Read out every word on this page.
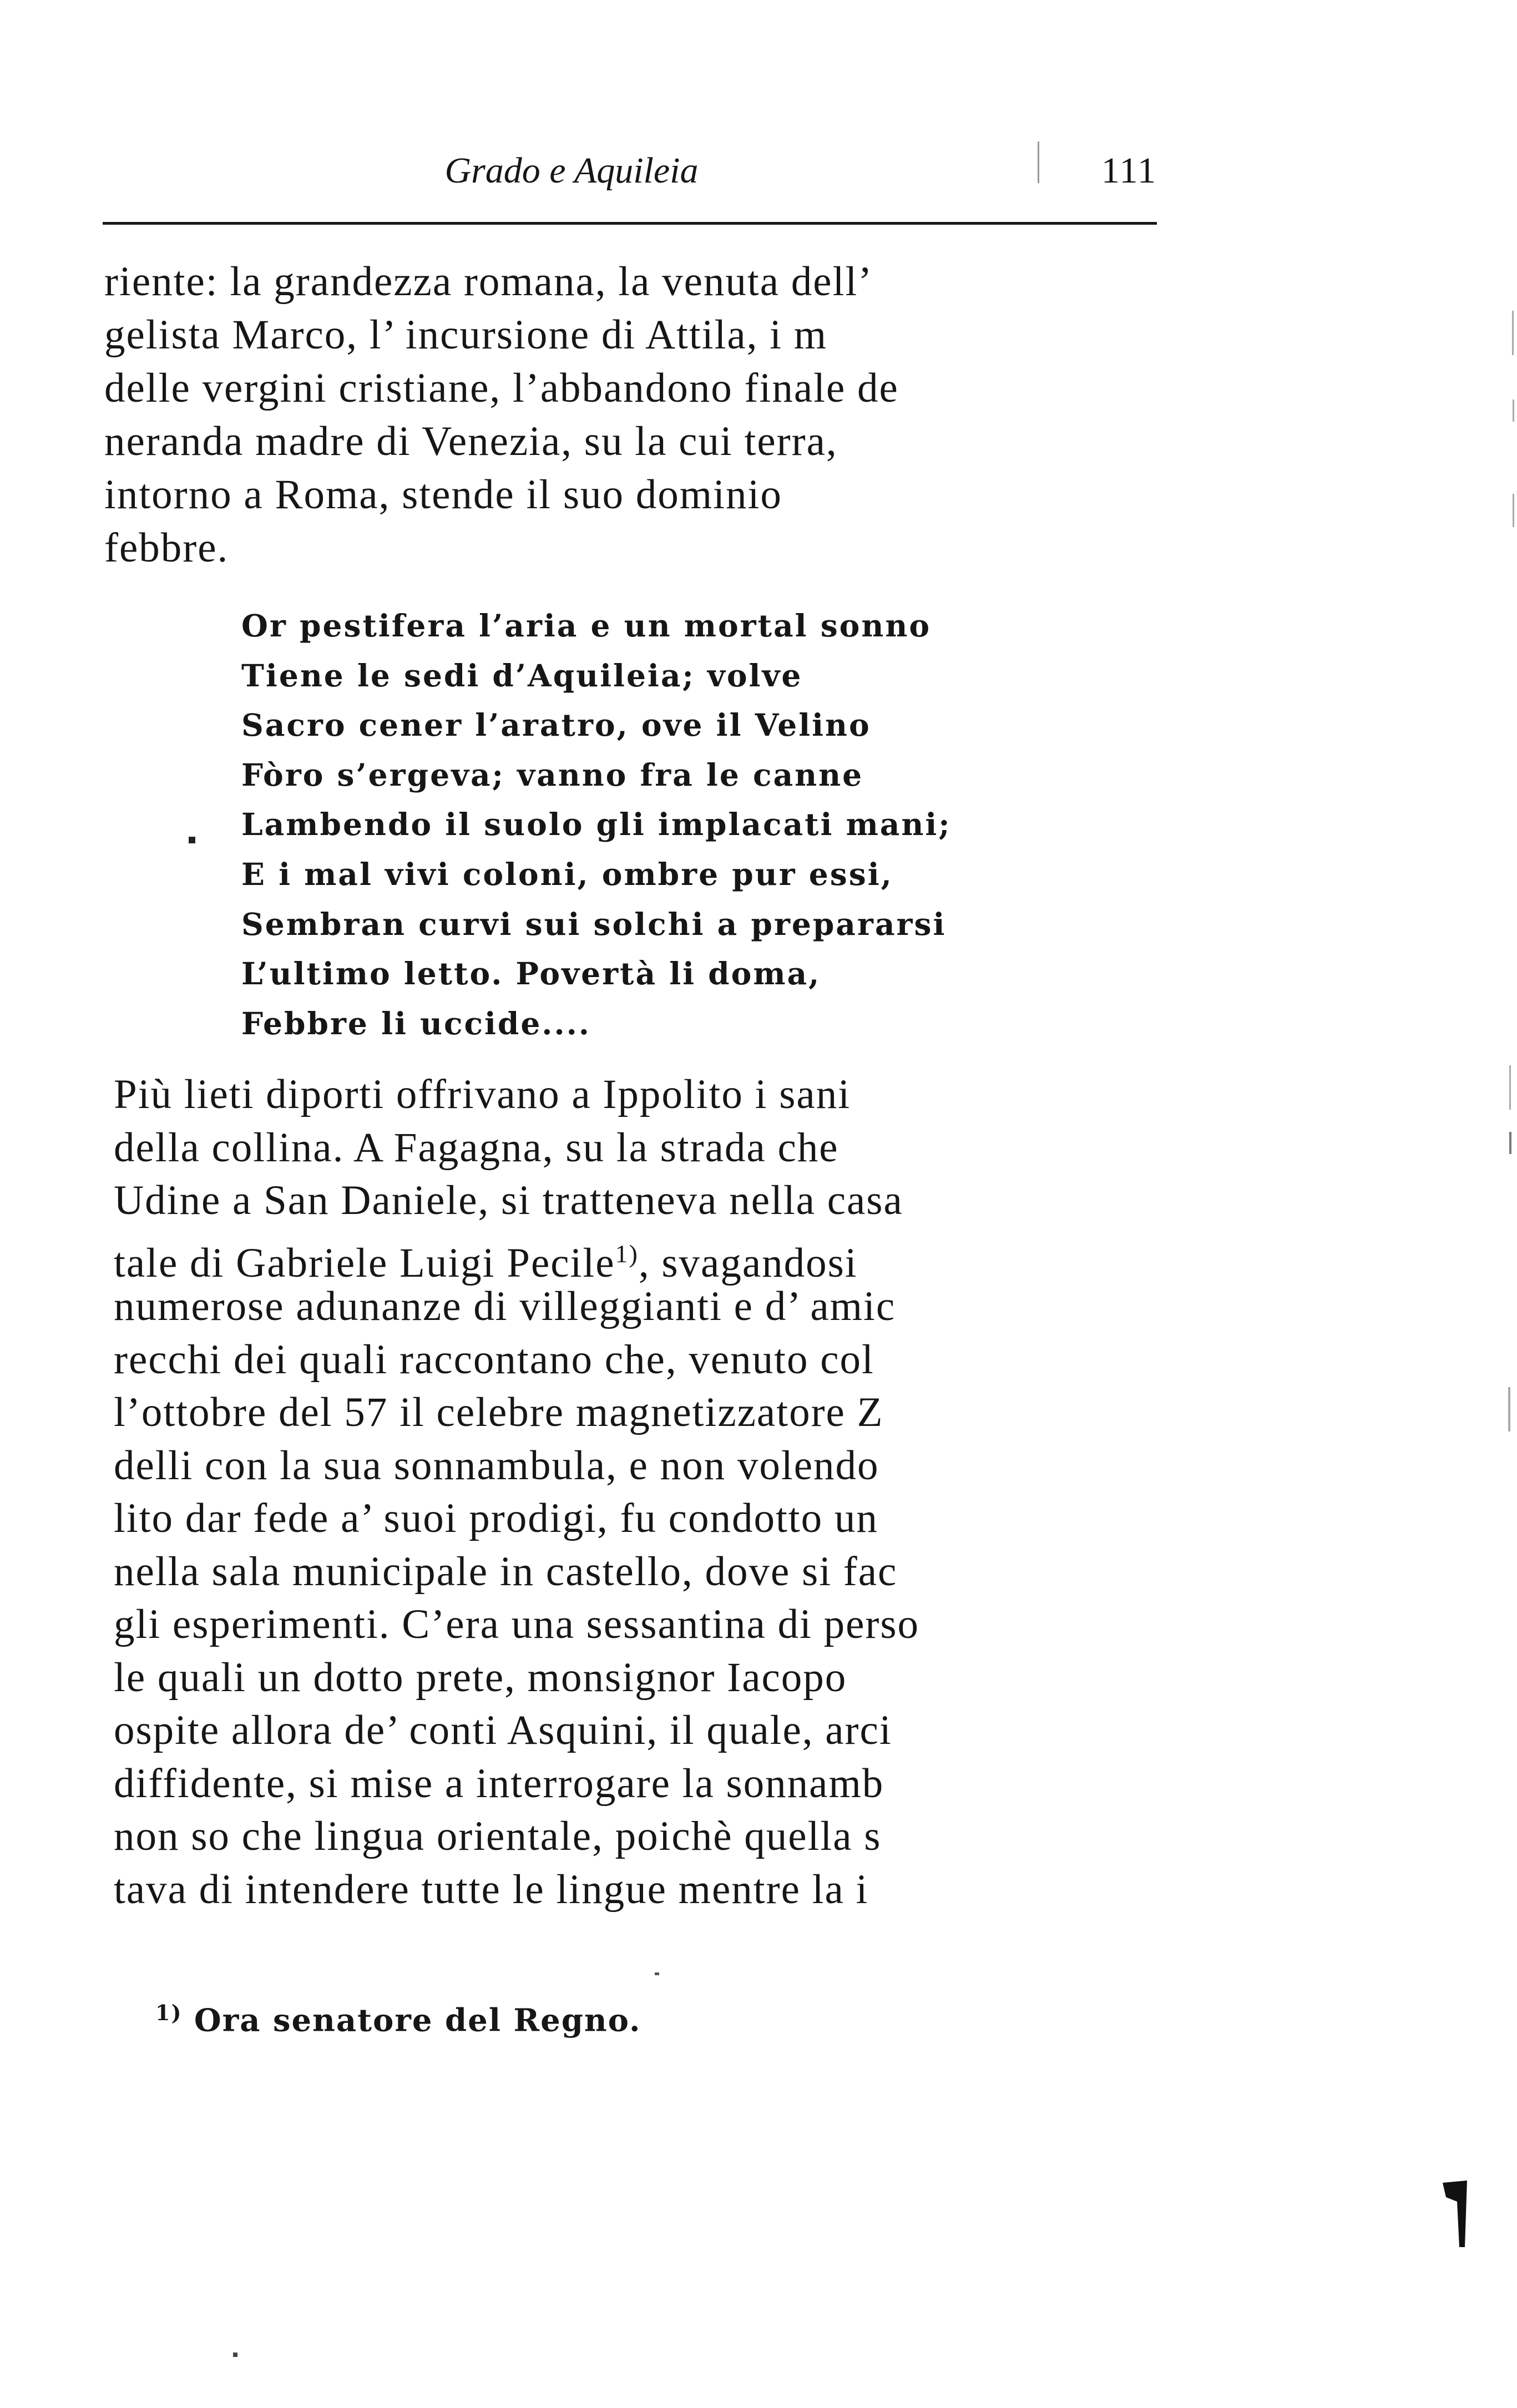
Grado e Aquileia	111
riente: la grandezza romana, la venuta dell’
gelista Marco, l’ incursione di Attila, i m
delle vergini cristiane, l’abbandono finale de
neranda madre di Venezia, su la cui terra,
intorno a Roma, stende il suo dominio
febbre.
Or pestifera l’aria e un mortal sonno
Tiene le sedi d’Aquileia; volve
Sacro cener l’aratro, ove il Velino
Fòro s’ergeva; vanno fra le canne
Lambendo il suolo gli implacati mani;
E i mal vivi coloni, ombre pur essi,
Sembran curvi sui solchi a prepararsi
L’ultimo letto. Povertà li doma,
Febbre li uccide....
Più lieti diporti offrivano a Ippolito i sani
della collina. A Fagagna, su la strada che
Udine a San Daniele, si tratteneva nella casa
tale di Gabriele Luigi Pecile$^{1)}$, svagandosi
numerose adunanze di villeggianti e d’ amic
recchi dei quali raccontano che, venuto col
l’ottobre del 57 il celebre magnetizzatore Z
delli con la sua sonnambula, e non volendo
lito dar fede a’ suoi prodigi, fu condotto un
nella sala municipale in castello, dove si fac
gli esperimenti. C’era una sessantina di perso
le quali un dotto prete, monsignor Iacopo
ospite allora de’ conti Asquini, il quale, arci
diffidente, si mise a interrogare la sonnamb
non so che lingua orientale, poichè quella s
tava di intendere tutte le lingue mentre la i
$^{1)}$ Ora senatore del Regno.
